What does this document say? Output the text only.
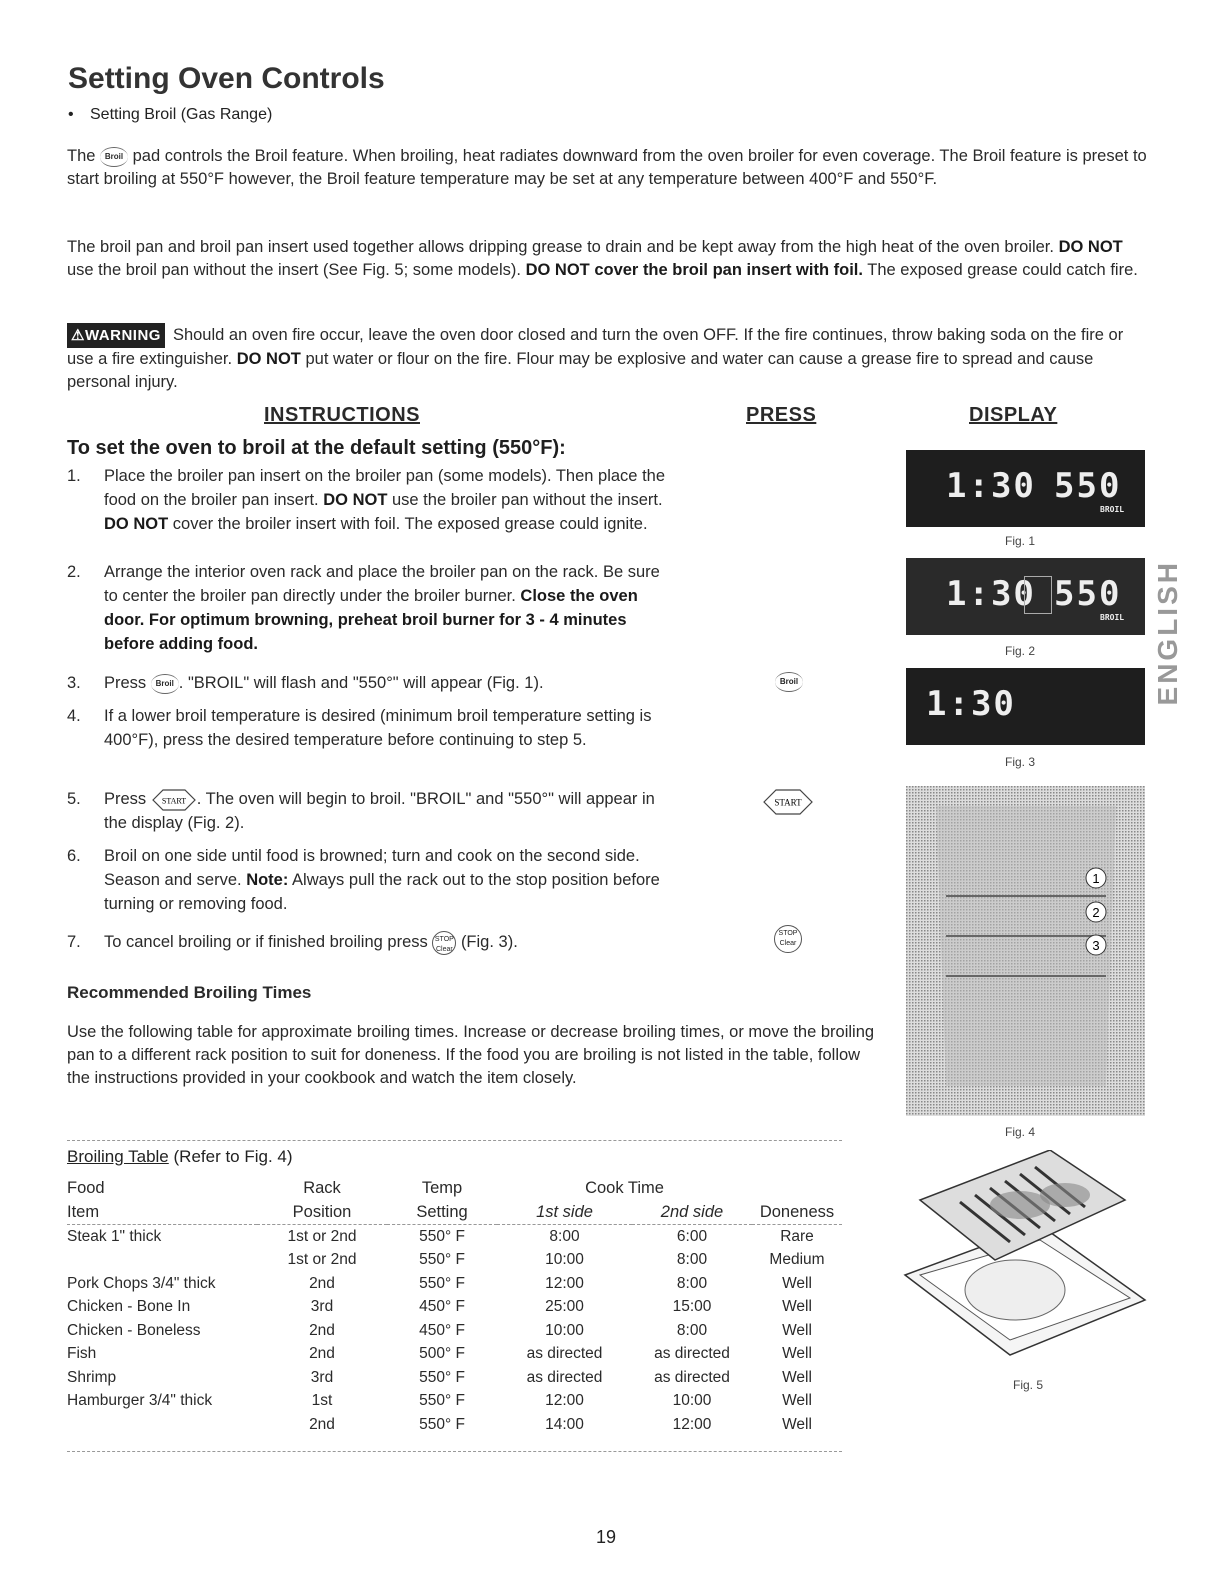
Setting Oven Controls
• Setting Broil (Gas Range)
The Broil pad controls the Broil feature. When broiling, heat radiates downward from the oven broiler for even coverage. The Broil feature is preset to start broiling at 550°F however, the Broil feature temperature may be set at any temperature between 400°F and 550°F.
The broil pan and broil pan insert used together allows dripping grease to drain and be kept away from the high heat of the oven broiler. DO NOT use the broil pan without the insert (See Fig. 5; some models). DO NOT cover the broil pan insert with foil. The exposed grease could catch fire.
⚠WARNING Should an oven fire occur, leave the oven door closed and turn the oven OFF. If the fire continues, throw baking soda on the fire or use a fire extinguisher. DO NOT put water or flour on the fire. Flour may be explosive and water can cause a grease fire to spread and cause personal injury.
INSTRUCTIONS	PRESS	DISPLAY
To set the oven to broil at the default setting (550°F):
1.	Place the broiler pan insert on the broiler pan (some models). Then place the food on the broiler pan insert. DO NOT use the broiler pan without the insert. DO NOT cover the broiler insert with foil. The exposed grease could ignite.
2.	Arrange the interior oven rack and place the broiler pan on the rack. Be sure to center the broiler pan directly under the broiler burner. Close the oven door. For optimum browning, preheat broil burner for 3 - 4 minutes before adding food.
3.	Press Broil . "BROIL" will flash and "550°" will appear (Fig. 1).
4.	If a lower broil temperature is desired (minimum broil temperature setting is 400°F), press the desired temperature before continuing to step 5.
5.	Press START . The oven will begin to broil. "BROIL" and "550°" will appear in the display (Fig. 2).
6.	Broil on one side until food is browned; turn and cook on the second side. Season and serve. Note: Always pull the rack out to the stop position before turning or removing food.
7.	To cancel broiling or if finished broiling press STOP
Clear (Fig. 3).
Broil
START
STOP
Clear
1:30 550
BROIL
Fig. 1
1:30 550
BROIL
Fig. 2
1:30
Fig. 3
1
2
3
Fig. 4
Fig. 5
ENGLISH
Recommended Broiling Times
Use the following table for approximate broiling times. Increase or decrease broiling times, or move the broiling pan to a different rack position to suit for doneness. If the food you are broiling is not listed in the table, follow the instructions provided in your cookbook and watch the item closely.
Broiling Table (Refer to Fig. 4)
Food	Rack	Temp	Cook Time		
Item	Position	Setting	1st side	2nd side	Doneness
Steak 1" thick	1st or 2nd	550° F	8:00	6:00	Rare
	1st or 2nd	550° F	10:00	8:00	Medium
Pork Chops 3/4" thick	2nd	550° F	12:00	8:00	Well
Chicken - Bone In	3rd	450° F	25:00	15:00	Well
Chicken - Boneless	2nd	450° F	10:00	8:00	Well
Fish	2nd	500° F	as directed	as directed	Well
Shrimp	3rd	550° F	as directed	as directed	Well
Hamburger 3/4" thick	1st	550° F	12:00	10:00	Well
	2nd	550° F	14:00	12:00	Well
19
